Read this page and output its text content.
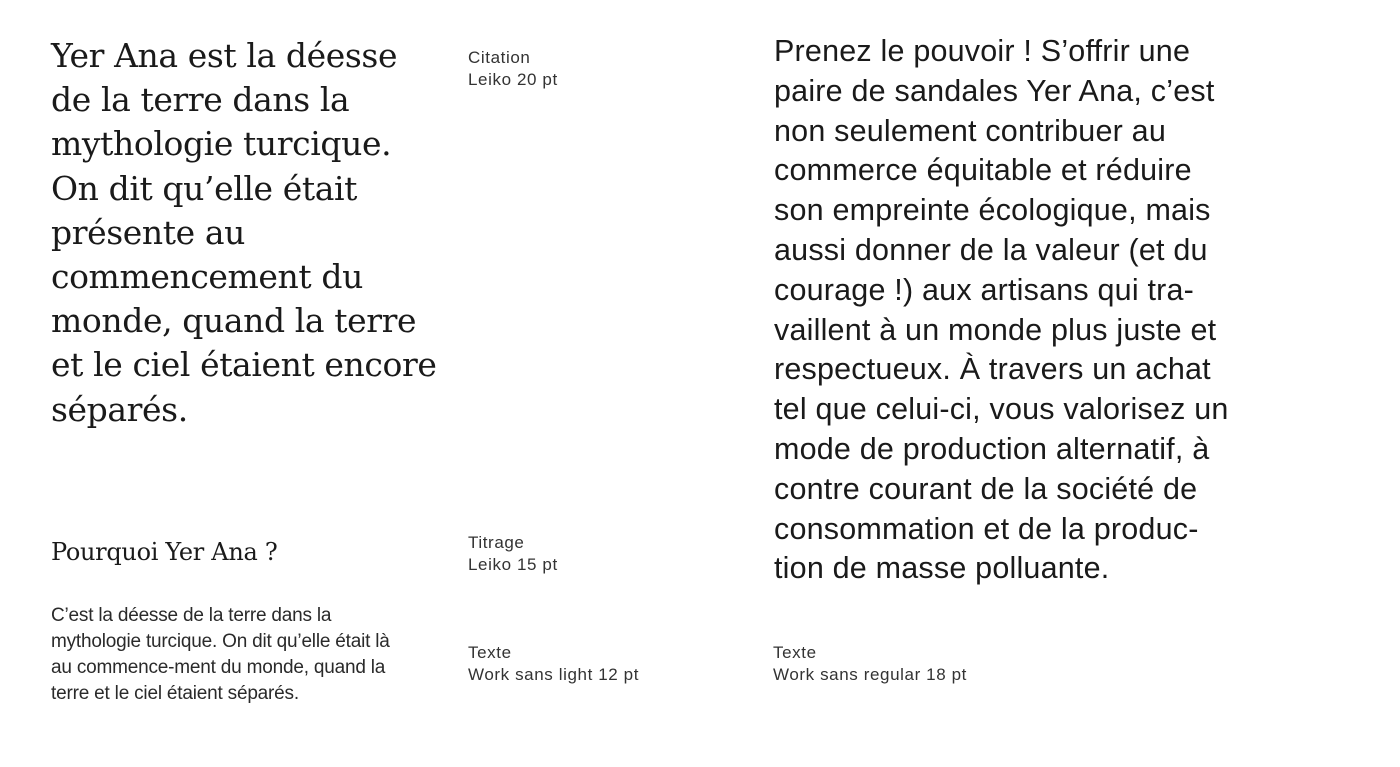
Yer Ana est la déesse de la terre dans la mythologie turcique. On dit qu’elle était présente au commencement du monde, quand la terre et le ciel étaient encore séparés.

Citation
Leiko 20 pt
Pourquoi Yer Ana ?	Titrage
Leiko 15 pt

C’est la déesse de la terre dans la mythologie turcique. On dit qu’elle était là au commence-ment du monde, quand la terre et le ciel étaient séparés.

Texte
Work sans light 12 pt
Prenez le pouvoir ! S’offrir une
paire de sandales Yer Ana, c’est
non seulement contribuer au
commerce équitable et réduire
son empreinte écologique, mais
aussi donner de la valeur (et du
courage !) aux artisans qui tra-
vaillent à un monde plus juste et
respectueux. À travers un achat
tel que celui-ci, vous valorisez un
mode de production alternatif, à
contre courant de la société de
consommation et de la produc-
tion de masse polluante.
Texte
Work sans regular 18 pt
